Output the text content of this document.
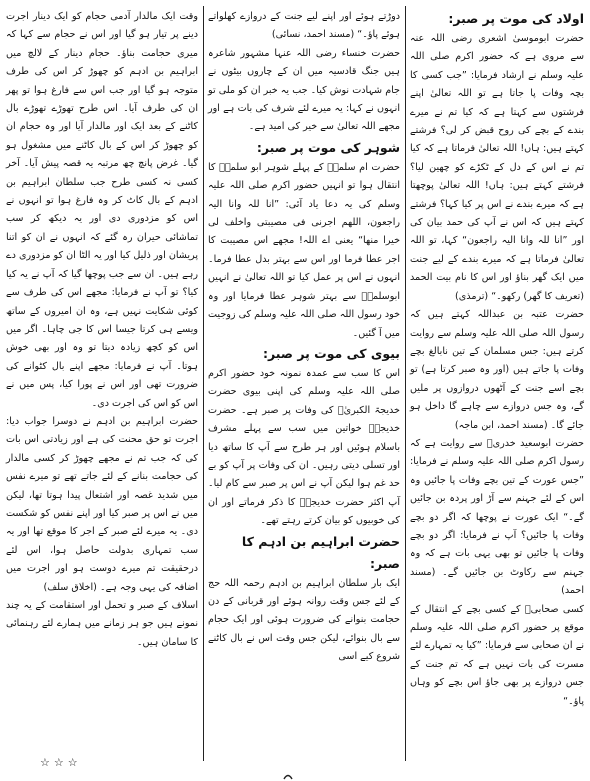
اولاد کی موت پر صبر:

حضرت ابوموسیٰ اشعری رضی اللہ عنہ سے مروی ہے کہ حضور اکرم صلی اللہ علیہ وسلم نے ارشاد فرمایا: ”جب کسی کا بچہ وفات پا جاتا ہے تو اللہ تعالیٰ اپنے فرشتوں سے کہتا ہے کہ کیا تم نے میرے بندے کے بچے کی روح قبض کر لی؟ فرشتے کہتے ہیں: ہاں! اللہ تعالیٰ فرماتا ہے کہ کیا تم نے اس کے دل کے ٹکڑے کو چھین لیا؟ فرشتے کہتے ہیں: ہاں! اللہ تعالیٰ پوچھتا ہے کہ میرے بندے نے اس پر کیا کہا؟ فرشتے کہتے ہیں کہ اس نے آپ کی حمد بیان کی اور ”انا للہ وانا الیہ راجعون“ کہا، تو اللہ تعالیٰ فرماتا ہے کہ میرے بندے کے لیے جنت میں ایک گھر بناؤ اور اس کا نام بیت الحمد (تعریف کا گھر) رکھو۔“ (ترمذی)

حضرت عتبہ بن عبداللہ کہتے ہیں کہ رسول اللہ صلی اللہ علیہ وسلم سے روایت کرتے ہیں: جس مسلمان کے تین نابالغ بچے وفات پا جاتے ہیں (اور وہ صبر کرتا ہے) تو بچے اسے جنت کے آٹھوں دروازوں پر ملیں گے، وہ جس دروازے سے چاہے گا داخل ہو جائے گا۔ (مسند احمد، ابن ماجہ)

حضرت ابوسعید خدریؓ سے روایت ہے کہ رسول اکرم صلی اللہ علیہ وسلم نے فرمایا: ”جس عورت کے تین بچے وفات پا جائیں وہ اس کے لئے جہنم سے آڑ اور پردہ بن جائیں گے۔“ ایک عورت نے پوچھا کہ اگر دو بچے وفات پا جائیں؟ آپ نے فرمایا: اگر دو بچے وفات پا جائیں تو بھی یہی بات ہے کہ وہ جہنم سے رکاوٹ بن جائیں گے۔ (مسند احمد)

کسی صحابیؓ کے کسی بچے کے انتقال کے موقع پر حضور اکرم صلی اللہ علیہ وسلم نے ان صحابی سے فرمایا: ”کیا یہ تمہارے لئے مسرت کی بات نہیں ہے کہ تم جنت کے جس دروازے پر بھی جاؤ اس بچے کو وہاں پاؤ۔“

دوڑتے ہوئے اور اپنے لیے جنت کے دروازے کھلواتے ہوئے پاؤ۔“ (مسند احمد، نسائی)

حضرت خنساء رضی اللہ عنہا مشہور شاعرہ ہیں جنگ قادسیہ میں ان کے چاروں بیٹوں نے جام شہادت نوش کیا۔ جب یہ خبر ان کو ملی تو انہوں نے کہا: یہ میرے لئے شرف کی بات ہے اور مجھے اللہ تعالیٰ سے خیر کی امید ہے۔

شوہر کی موت پر صبر:

حضرت ام سلمہؓ کے پہلے شوہر ابو سلمہؓ کا انتقال ہوا تو انہیں حضور اکرم صلی اللہ علیہ وسلم کی یہ دعا یاد آئی: ”انا للہ وانا الیہ راجعون، اللھم اجرنی فی مصیبتی واخلف لی خیرا منھا“ یعنی اے اللہ! مجھے اس مصیبت کا اجر عطا فرما اور اس سے بہتر بدل عطا فرما۔ انہوں نے اس پر عمل کیا تو اللہ تعالیٰ نے انہیں ابوسلمہؓ سے بہتر شوہر عطا فرمایا اور وہ خود رسول اللہ صلی اللہ علیہ وسلم کی زوجیت میں آ گئیں۔

بیوی کی موت پر صبر:

اس کا سب سے عمدہ نمونہ خود حضور اکرم صلی اللہ علیہ وسلم کی اپنی بیوی حضرت خدیجۃ الکبریٰؓ کی وفات پر صبر ہے۔ حضرت خدیجہؓ خواتین میں سب سے پہلے مشرف باسلام ہوئیں اور ہر طرح سے آپ کا ساتھ دیا اور تسلی دیتی رہیں۔ ان کی وفات پر آپ کو بے حد غم ہوا لیکن آپ نے اس پر صبر سے کام لیا۔ آپ اکثر حضرت خدیجہؓ کا ذکر فرماتے اور ان کی خوبیوں کو بیان کرتے رہتے تھے۔

حضرت ابراہیم بن ادہم کا صبر:

ایک بار سلطان ابراہیم بن ادہم رحمہ اللہ حج کے لئے جس وقت روانہ ہوئے اور قربانی کے دن حجامت بنوانے کی ضرورت ہوئی اور ایک حجام سے بال بنوائے، لیکن جس وقت اس نے بال کاٹنے شروع کیے اسی

وقت ایک مالدار آدمی حجام کو ایک دینار اجرت دینے پر تیار ہو گیا اور اس نے حجام سے کہا کہ میری حجامت بناؤ۔ حجام دینار کے لالچ میں ابراہیم بن ادہم کو چھوڑ کر اس کی طرف متوجہ ہو گیا اور جب اس سے فارغ ہوا تو پھر ان کی طرف آیا۔ اس طرح تھوڑے تھوڑے بال کاٹنے کے بعد ایک اور مالدار آیا اور وہ حجام ان کو چھوڑ کر اس کے بال کاٹنے میں مشغول ہو گیا۔ غرض پانچ چھ مرتبہ یہ قصہ پیش آیا۔ آخر کسی نہ کسی طرح جب سلطان ابراہیم بن ادہم کے بال کاٹ کر وہ فارغ ہوا تو انہوں نے اس کو مزدوری دی اور یہ دیکھ کر سب تماشائی حیران رہ گئے کہ انہوں نے ان کو اتنا پریشان اور ذلیل کیا اور یہ الٹا ان کو مزدوری دے رہے ہیں۔ ان سے جب پوچھا گیا کہ آپ نے یہ کیا کیا؟ تو آپ نے فرمایا: مجھے اس کی طرف سے کوئی شکایت نہیں ہے، وہ ان امیروں کے ساتھ ویسے ہی کرتا جیسا اس کا جی چاہا۔ اگر میں اس کو کچھ زیادہ دیتا تو وہ اور بھی خوش ہوتا۔ آپ نے فرمایا: مجھے اپنے بال کٹوانے کی ضرورت تھی اور اس نے پورا کیا، پس میں نے اس کو اس کی اجرت دی۔

حضرت ابراہیم بن ادہم نے دوسرا جواب دیا: اجرت تو حق محنت کی ہے اور زیادتی اس بات کی کہ جب تم نے مجھے چھوڑ کر کسی مالدار کی حجامت بنانے کے لئے جاتے تھے تو میرے نفس میں شدید غصہ اور اشتعال پیدا ہوتا تھا، لیکن میں نے اس پر صبر کیا اور اپنے نفس کو شکست دی۔ یہ میرے لئے صبر کے اجر کا موقع تھا اور یہ سب تمہاری بدولت حاصل ہوا، اس لئے درحقیقت تم میرے دوست ہو اور اجرت میں اضافہ کی یہی وجہ ہے۔ (اخلاق سلف)

اسلاف کے صبر و تحمل اور استقامت کے یہ چند نمونے ہیں جو ہر زمانے میں ہمارے لئے رہنمائی کا سامان ہیں۔

☆☆☆
